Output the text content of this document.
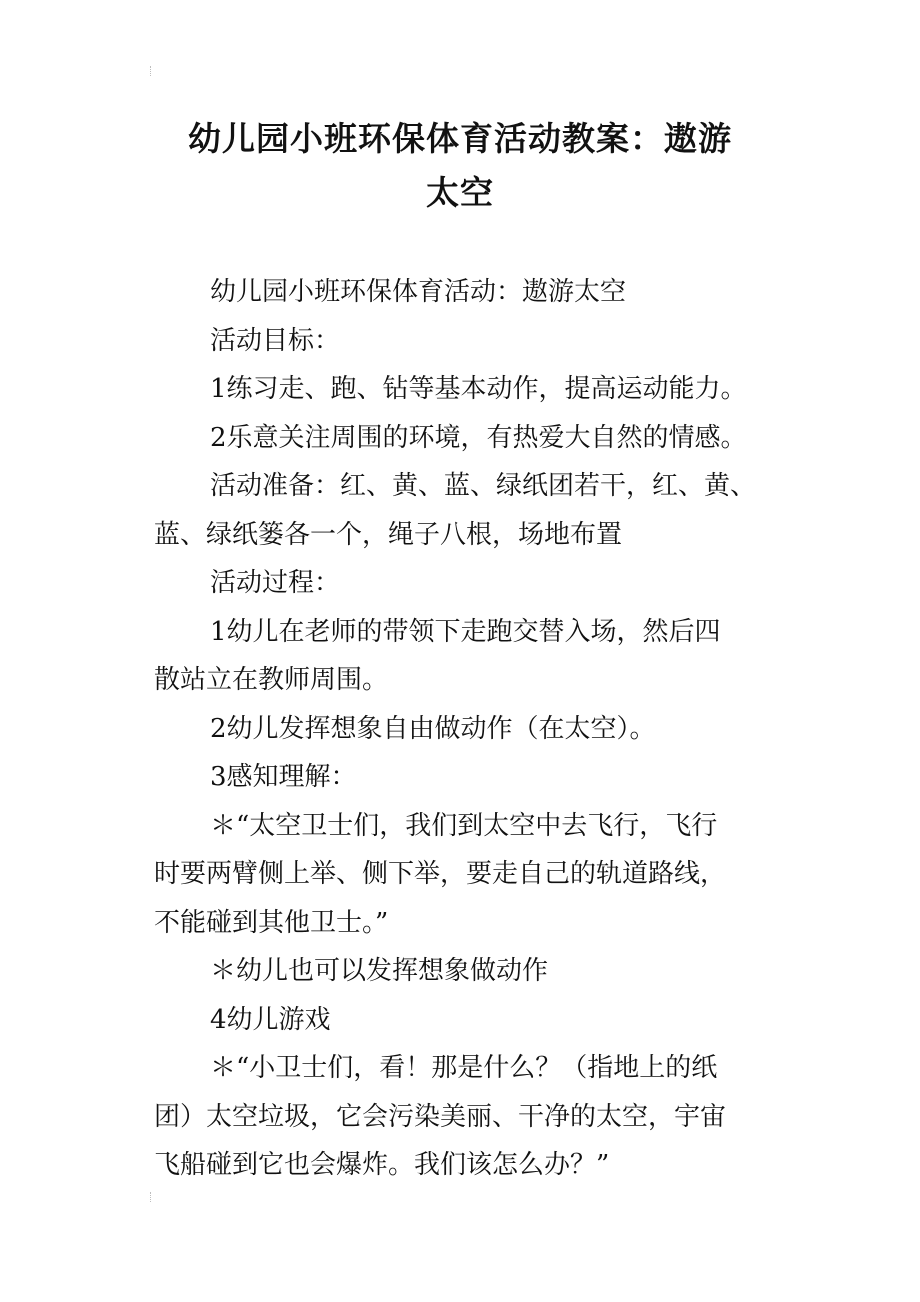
幼儿园小班环保体育活动教案：遨游
太空

幼儿园小班环保体育活动：遨游太空

活动目标：

1练习走、跑、钻等基本动作，提高运动能力。

2乐意关注周围的环境，有热爱大自然的情感。

活动准备：红、黄、蓝、绿纸团若干，红、黄、
蓝、绿纸篓各一个，绳子八根，场地布置

活动过程：

1幼儿在老师的带领下走跑交替入场，然后四
散站立在教师周围。

2幼儿发挥想象自由做动作（在太空）。

3感知理解：

＊“太空卫士们，我们到太空中去飞行，飞行
时要两臂侧上举、侧下举，要走自己的轨道路线，
不能碰到其他卫士。”

＊幼儿也可以发挥想象做动作

4幼儿游戏

＊“小卫士们，看！那是什么？（指地上的纸
团）太空垃圾，它会污染美丽、干净的太空，宇宙
飞船碰到它也会爆炸。我们该怎么办？”
